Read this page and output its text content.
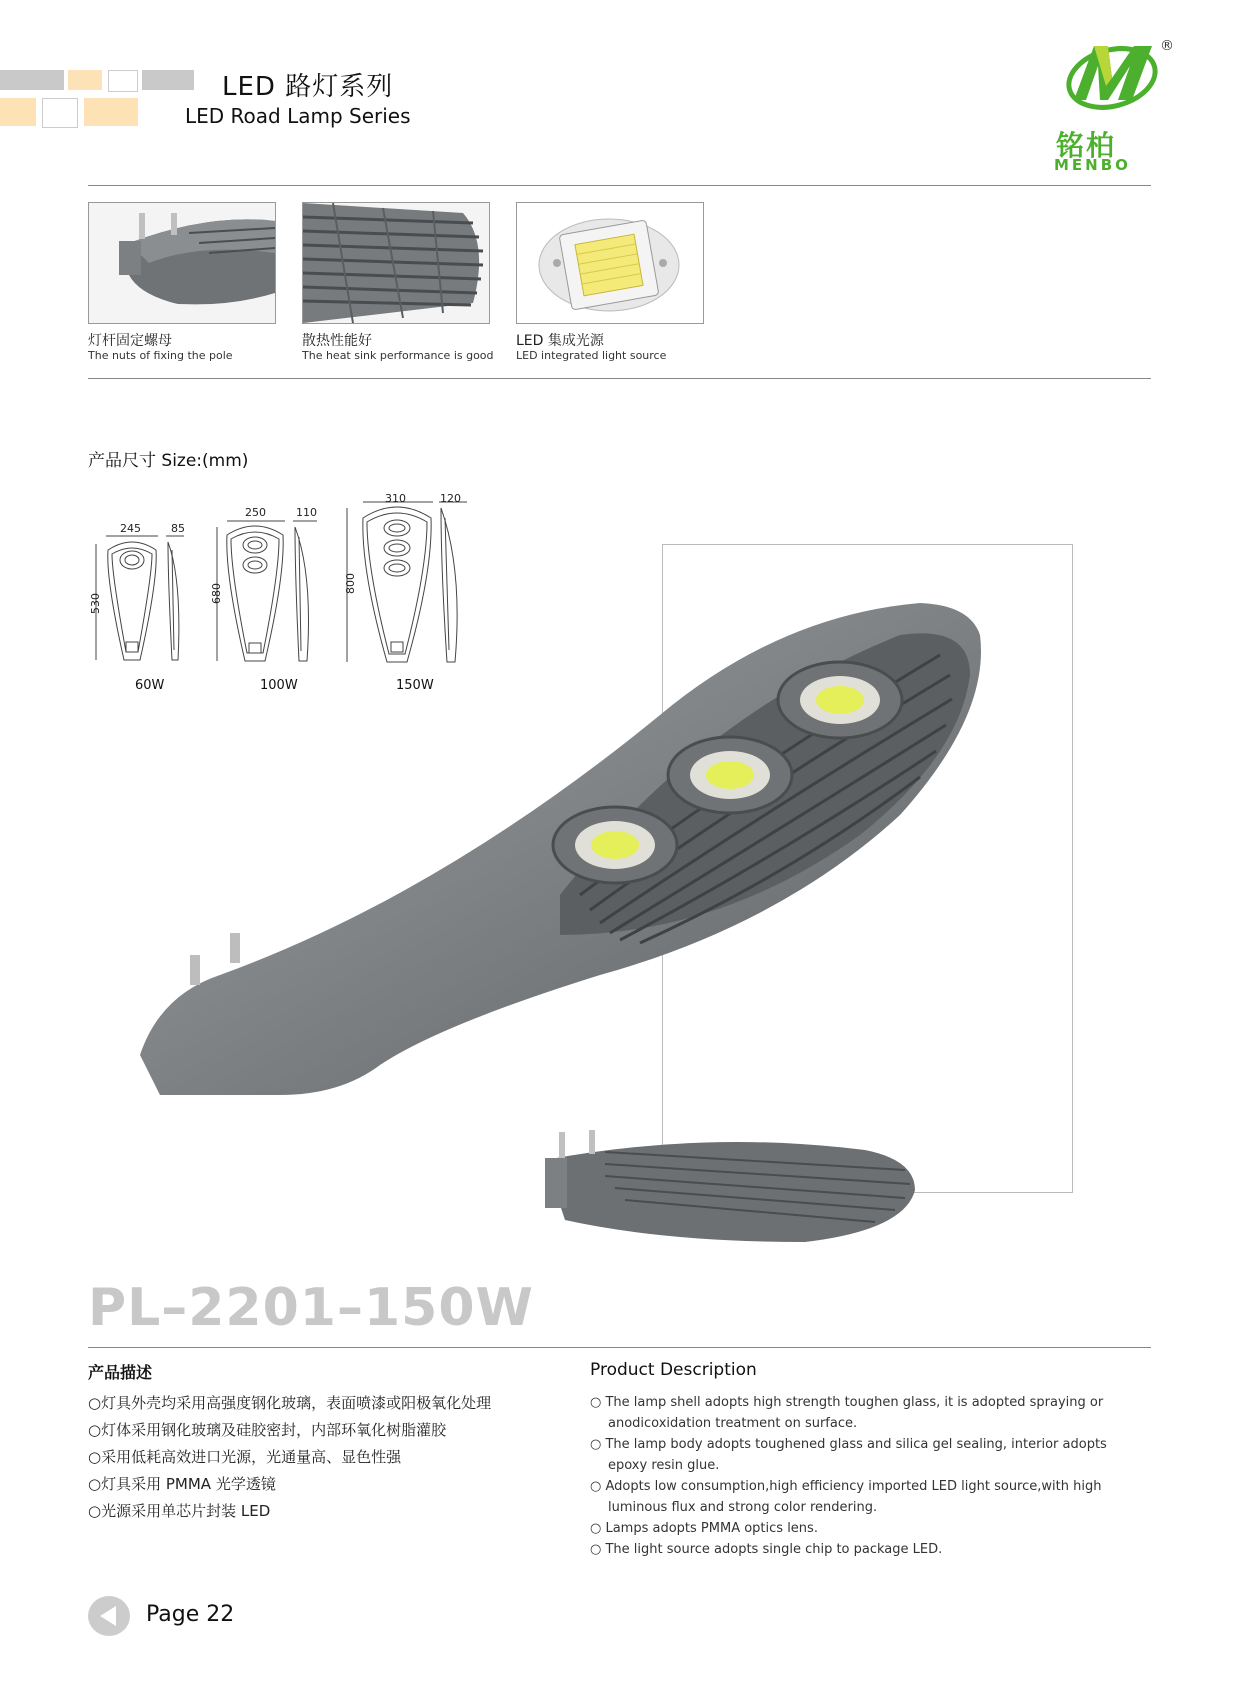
LED 路灯系列
LED Road Lamp Series
®
铭柏
MENBO
灯杆固定螺母
The nuts of fixing the pole
散热性能好
The heat sink performance is good
LED 集成光源
LED integrated light source
产品尺寸 Size:(mm)
245	85
530
60W
250	110
680
100W
310	120
800
150W
PL–2201–150W
产品描述
○灯具外壳均采用高强度钢化玻璃，表面喷漆或阳极氧化处理
○灯体采用钢化玻璃及硅胶密封，内部环氧化树脂灌胶
○采用低耗高效进口光源，光通量高、显色性强
○灯具采用 PMMA 光学透镜
○光源采用单芯片封装 LED
Product Description
○ The lamp shell adopts high strength toughen glass, it is adopted spraying or anodicoxidation treatment on surface.
○ The lamp body adopts toughened glass and silica gel sealing, interior adopts epoxy resin glue.
○ Adopts low consumption,high efficiency imported LED light source,with high luminous flux and strong color rendering.
○ Lamps adopts PMMA optics lens.
○ The light source adopts single chip to package LED.
Page 22
